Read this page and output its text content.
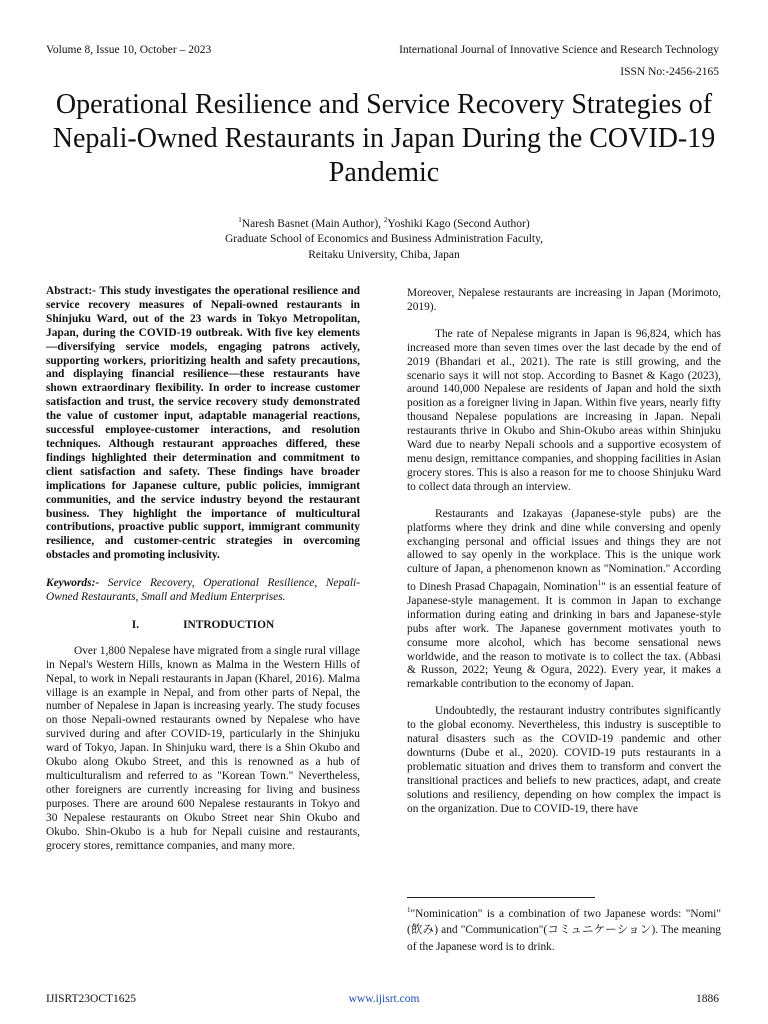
Volume 8, Issue 10, October – 2023	International Journal of Innovative Science and Research Technology
ISSN No:-2456-2165
Operational Resilience and Service Recovery Strategies of Nepali-Owned Restaurants in Japan During the COVID-19 Pandemic
$^1$Naresh Basnet (Main Author), $^2$Yoshiki Kago (Second Author)
Graduate School of Economics and Business Administration Faculty,
Reitaku University, Chiba, Japan

Abstract:- This study investigates the operational resilience and service recovery measures of Nepali-owned restaurants in Shinjuku Ward, out of the 23 wards in Tokyo Metropolitan, Japan, during the COVID-19 outbreak. With five key elements—diversifying service models, engaging patrons actively, supporting workers, prioritizing health and safety precautions, and displaying financial resilience—these restaurants have shown extraordinary flexibility. In order to increase customer satisfaction and trust, the service recovery study demonstrated the value of customer input, adaptable managerial reactions, successful employee-customer interactions, and resolution techniques. Although restaurant approaches differed, these findings highlighted their determination and commitment to client satisfaction and safety. These findings have broader implications for Japanese culture, public policies, immigrant communities, and the service industry beyond the restaurant business. They highlight the importance of multicultural contributions, proactive public support, immigrant community resilience, and customer-centric strategies in overcoming obstacles and promoting inclusivity.

Keywords:- Service Recovery, Operational Resilience, Nepali-Owned Restaurants, Small and Medium Enterprises.

I.	INTRODUCTION

Over 1,800 Nepalese have migrated from a single rural village in Nepal's Western Hills, known as Malma in the Western Hills of Nepal, to work in Nepali restaurants in Japan (Kharel, 2016). Malma village is an example in Nepal, and from other parts of Nepal, the number of Nepalese in Japan is increasing yearly. The study focuses on those Nepali-owned restaurants owned by Nepalese who have survived during and after COVID-19, particularly in the Shinjuku ward of Tokyo, Japan. In Shinjuku ward, there is a Shin Okubo and Okubo along Okubo Street, and this is renowned as a hub of multiculturalism and referred to as "Korean Town." Nevertheless, other foreigners are currently increasing for living and business purposes. There are around 600 Nepalese restaurants in Tokyo and 30 Nepalese restaurants on Okubo Street near Shin Okubo and Okubo. Shin-Okubo is a hub for Nepali cuisine and restaurants, grocery stores, remittance companies, and many more.

Moreover, Nepalese restaurants are increasing in Japan (Morimoto, 2019).

The rate of Nepalese migrants in Japan is 96,824, which has increased more than seven times over the last decade by the end of 2019 (Bhandari et al., 2021). The rate is still growing, and the scenario says it will not stop. According to Basnet & Kago (2023), around 140,000 Nepalese are residents of Japan and hold the sixth position as a foreigner living in Japan. Within five years, nearly fifty thousand Nepalese populations are increasing in Japan. Nepali restaurants thrive in Okubo and Shin-Okubo areas within Shinjuku Ward due to nearby Nepali schools and a supportive ecosystem of menu design, remittance companies, and shopping facilities in Asian grocery stores. This is also a reason for me to choose Shinjuku Ward to collect data through an interview.

Restaurants and Izakayas (Japanese-style pubs) are the platforms where they drink and dine while conversing and openly exchanging personal and official issues and things they are not allowed to say openly in the workplace. This is the unique work culture of Japan, a phenomenon known as "Nomination." According to Dinesh Prasad Chapagain, Nomination$^1$" is an essential feature of Japanese-style management. It is common in Japan to exchange information during eating and drinking in bars and Japanese-style pubs after work. The Japanese government motivates youth to consume more alcohol, which has become sensational news worldwide, and the reason to motivate is to collect the tax. (Abbasi & Russon, 2022; Yeung & Ogura, 2022). Every year, it makes a remarkable contribution to the economy of Japan.

Undoubtedly, the restaurant industry contributes significantly to the global economy. Nevertheless, this industry is susceptible to natural disasters such as the COVID-19 pandemic and other downturns (Dube et al., 2020). COVID-19 puts restaurants in a problematic situation and drives them to transform and convert the transitional practices and beliefs to new practices, adapt, and create solutions and resiliency, depending on how complex the impact is on the organization. Due to COVID-19, there have

$^1$"Nominication" is a combination of two Japanese words: "Nomi" (飲み) and "Communication"(コミュニケーション). The meaning of the Japanese word is to drink.
IJISRT23OCT1625	www.ijisrt.com	1886
